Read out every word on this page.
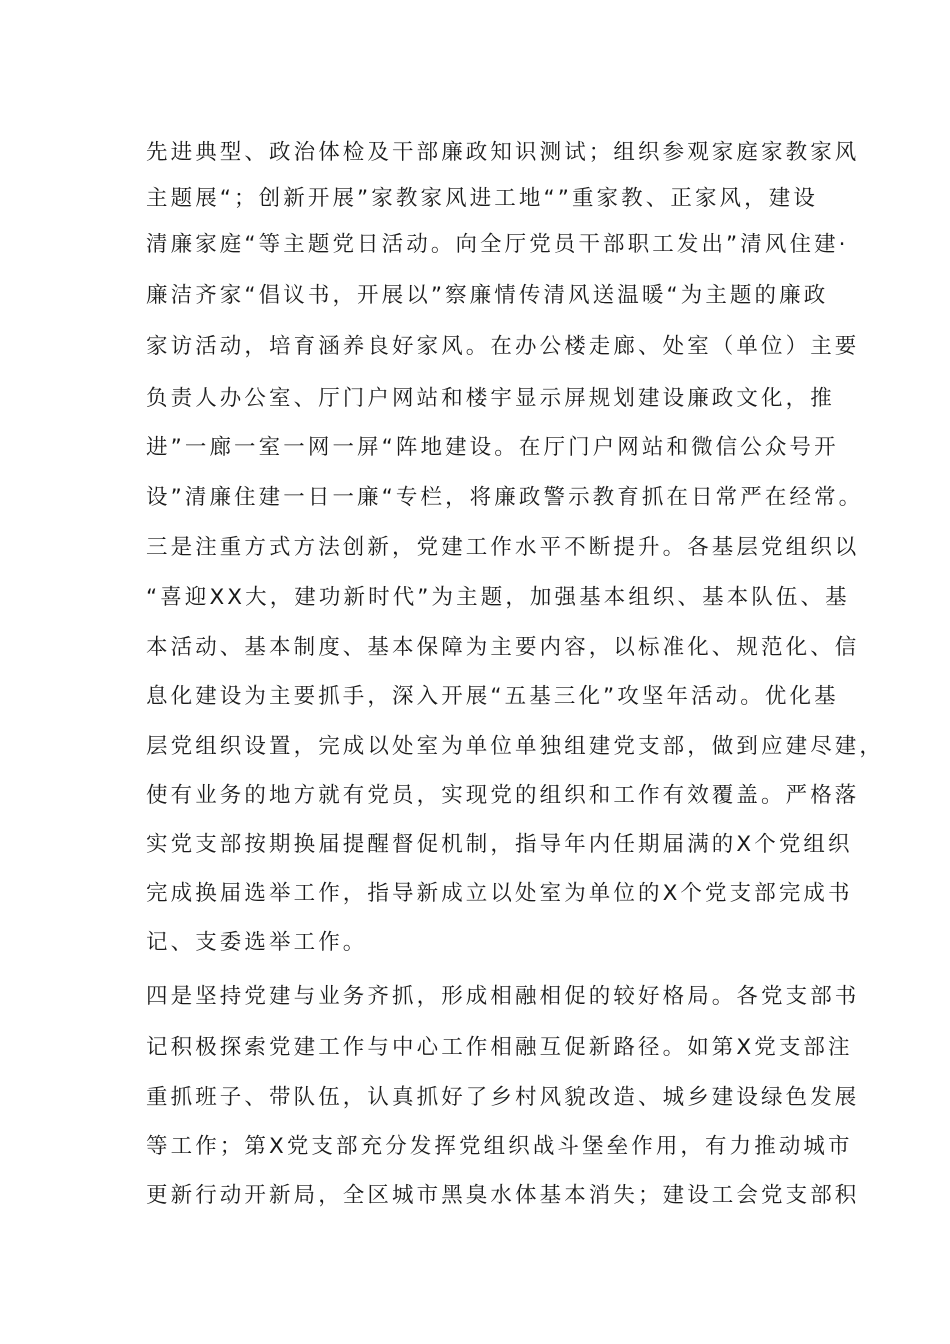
先进典型、政治体检及干部廉政知识测试；组织参观家庭家教家风
主题展“；创新开展”家教家风进工地“”重家教、正家风，建设
清廉家庭“等主题党日活动。向全厅党员干部职工发出”清风住建·
廉洁齐家“倡议书，开展以”察廉情传清风送温暖“为主题的廉政
家访活动，培育涵养良好家风。在办公楼走廊、处室（单位）主要
负责人办公室、厅门户网站和楼宇显示屏规划建设廉政文化，推
进”一廊一室一网一屏“阵地建设。在厅门户网站和微信公众号开
设”清廉住建一日一廉“专栏，将廉政警示教育抓在日常严在经常。
三是注重方式方法创新，党建工作水平不断提升。各基层党组织以
“喜迎XX大，建功新时代”为主题，加强基本组织、基本队伍、基
本活动、基本制度、基本保障为主要内容，以标准化、规范化、信
息化建设为主要抓手，深入开展“五基三化”攻坚年活动。优化基
层党组织设置，完成以处室为单位单独组建党支部，做到应建尽建，
使有业务的地方就有党员，实现党的组织和工作有效覆盖。严格落
实党支部按期换届提醒督促机制，指导年内任期届满的X个党组织
完成换届选举工作，指导新成立以处室为单位的X个党支部完成书
记、支委选举工作。
四是坚持党建与业务齐抓，形成相融相促的较好格局。各党支部书
记积极探索党建工作与中心工作相融互促新路径。如第X党支部注
重抓班子、带队伍，认真抓好了乡村风貌改造、城乡建设绿色发展
等工作；第X党支部充分发挥党组织战斗堡垒作用，有力推动城市
更新行动开新局，全区城市黑臭水体基本消失；建设工会党支部积
